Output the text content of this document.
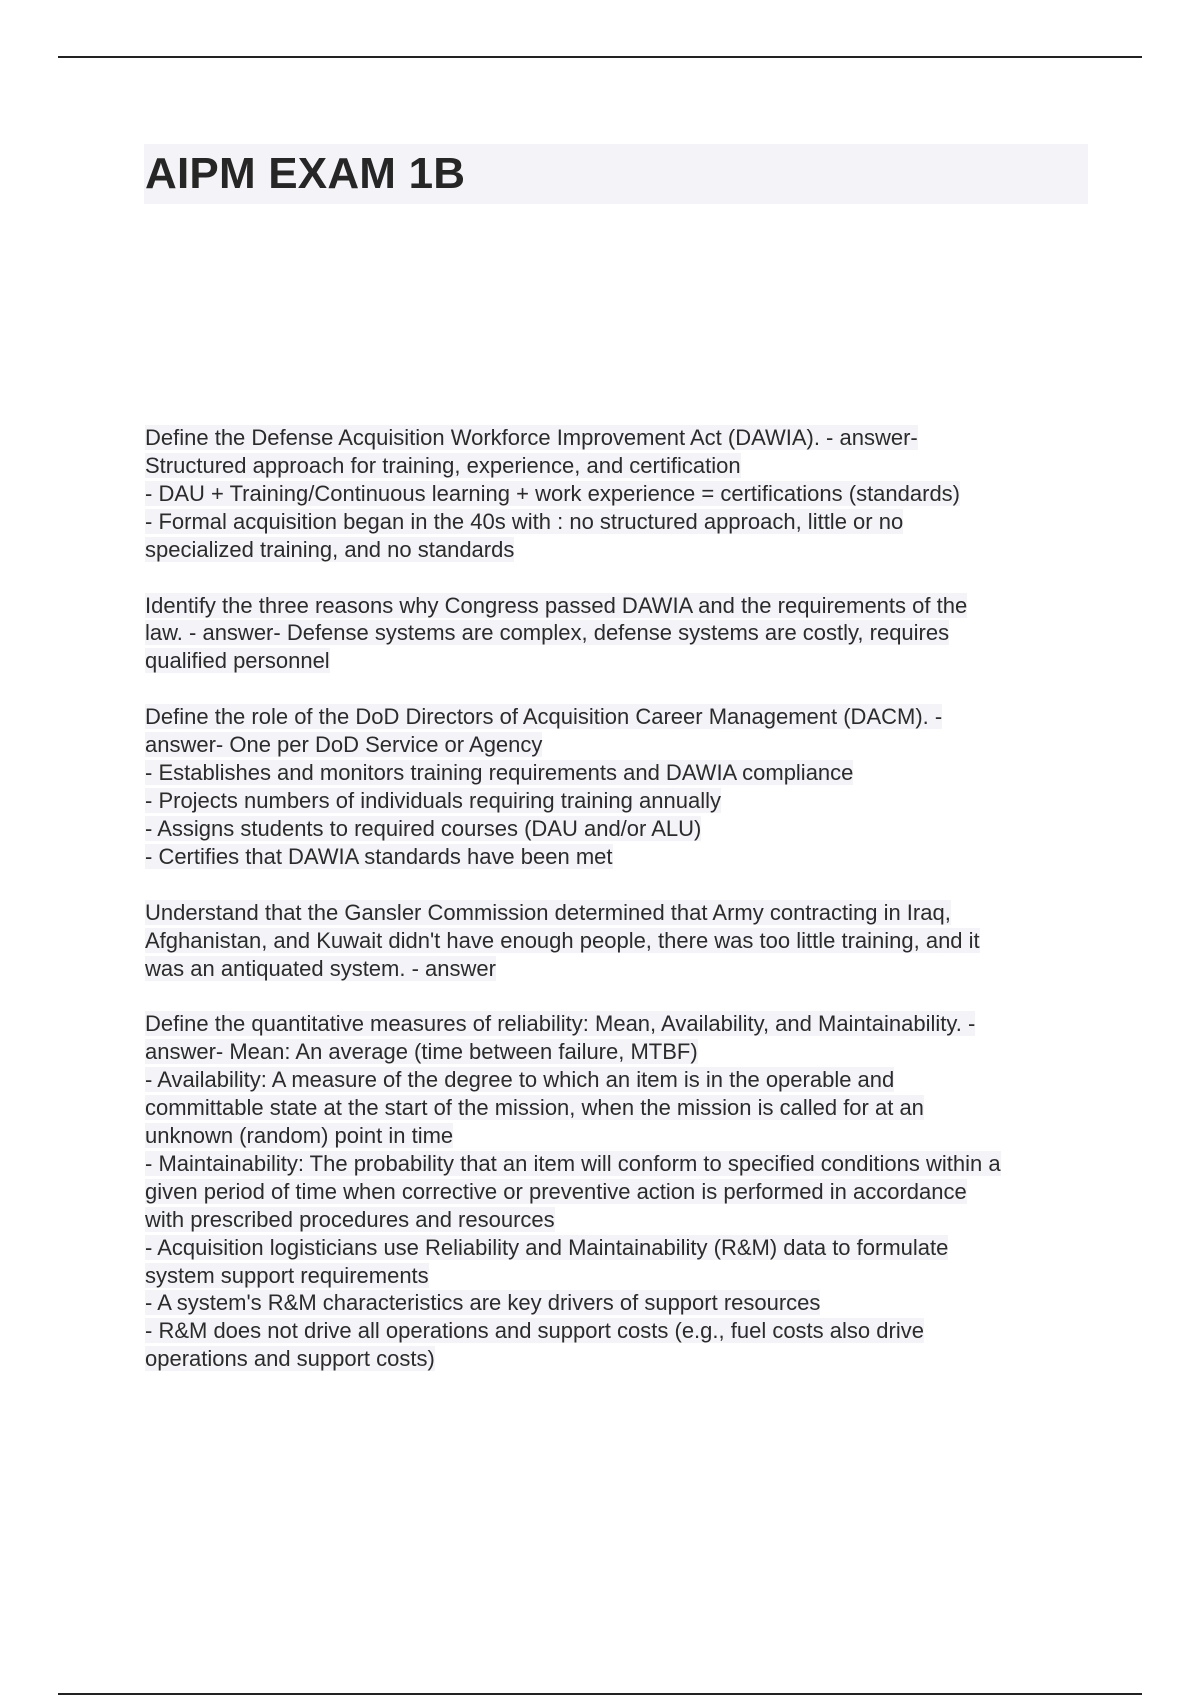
AIPM EXAM 1B
Define the Defense Acquisition Workforce Improvement Act (DAWIA). - answer-
Structured approach for training, experience, and certification
- DAU + Training/Continuous learning + work experience = certifications (standards)
- Formal acquisition began in the 40s with : no structured approach, little or no
specialized training, and no standards
Identify the three reasons why Congress passed DAWIA and the requirements of the
law. - answer- Defense systems are complex, defense systems are costly, requires
qualified personnel
Define the role of the DoD Directors of Acquisition Career Management (DACM). -
answer- One per DoD Service or Agency
- Establishes and monitors training requirements and DAWIA compliance
- Projects numbers of individuals requiring training annually
- Assigns students to required courses (DAU and/or ALU)
- Certifies that DAWIA standards have been met
Understand that the Gansler Commission determined that Army contracting in Iraq,
Afghanistan, and Kuwait didn't have enough people, there was too little training, and it
was an antiquated system. - answer
Define the quantitative measures of reliability: Mean, Availability, and Maintainability. -
answer- Mean: An average (time between failure, MTBF)
- Availability: A measure of the degree to which an item is in the operable and
committable state at the start of the mission, when the mission is called for at an
unknown (random) point in time
- Maintainability: The probability that an item will conform to specified conditions within a
given period of time when corrective or preventive action is performed in accordance
with prescribed procedures and resources
- Acquisition logisticians use Reliability and Maintainability (R&M) data to formulate
system support requirements
- A system's R&M characteristics are key drivers of support resources
- R&M does not drive all operations and support costs (e.g., fuel costs also drive
operations and support costs)
